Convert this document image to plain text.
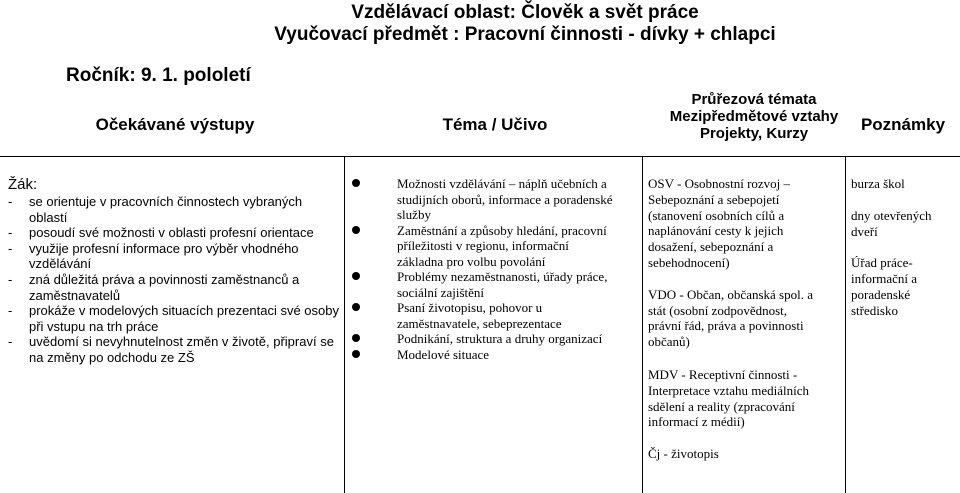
Vzdělávací oblast: Člověk a svět práce
Vyučovací předmět : Pracovní činnosti - dívky + chlapci
Ročník: 9. 1. pololetí
Očekávané výstupy	Téma / Učivo
Průřezová témata
Mezipředmětové vztahy
Projekty, Kurzy	Poznámky
Žák:
- se orientuje v pracovních činnostech vybraných
oblastí
- posoudí své možnosti v oblasti profesní orientace
- využije profesní informace pro výběr vhodného
vzdělávání
- zná důležitá práva a povinnosti zaměstnanců a
zaměstnavatelů
- prokáže v modelových situacích prezentaci své osoby
při vstupu na trh práce
- uvědomí si nevyhnutelnost změn v životě, připraví se
na změny po odchodu ze ZŠ
Možnosti vzdělávání – náplň učebních a
studijních oborů, informace a poradenské
služby
Zaměstnání a způsoby hledání, pracovní
příležitosti v regionu, informační
základna pro volbu povolání
Problémy nezaměstnanosti, úřady práce,
sociální zajištění
Psaní životopisu, pohovor u
zaměstnavatele, sebeprezentace
Podnikání, struktura a druhy organizací
Modelové situace

OSV - Osobnostní rozvoj –
Sebepoznání a sebepojetí
(stanovení osobních cílů a
naplánování cesty k jejich
dosažení, sebepoznání a
sebehodnocení)

VDO - Občan, občanská spol. a
stát (osobní zodpovědnost,
právní řád, práva a povinnosti
občanů)

MDV - Receptivní činnosti -
Interpretace vztahu mediálních
sdělení a reality (zpracování
informací z médií)

Čj - životopis

burza škol

dny otevřených
dveří

Úřad práce-
informační a
poradenské
středisko
